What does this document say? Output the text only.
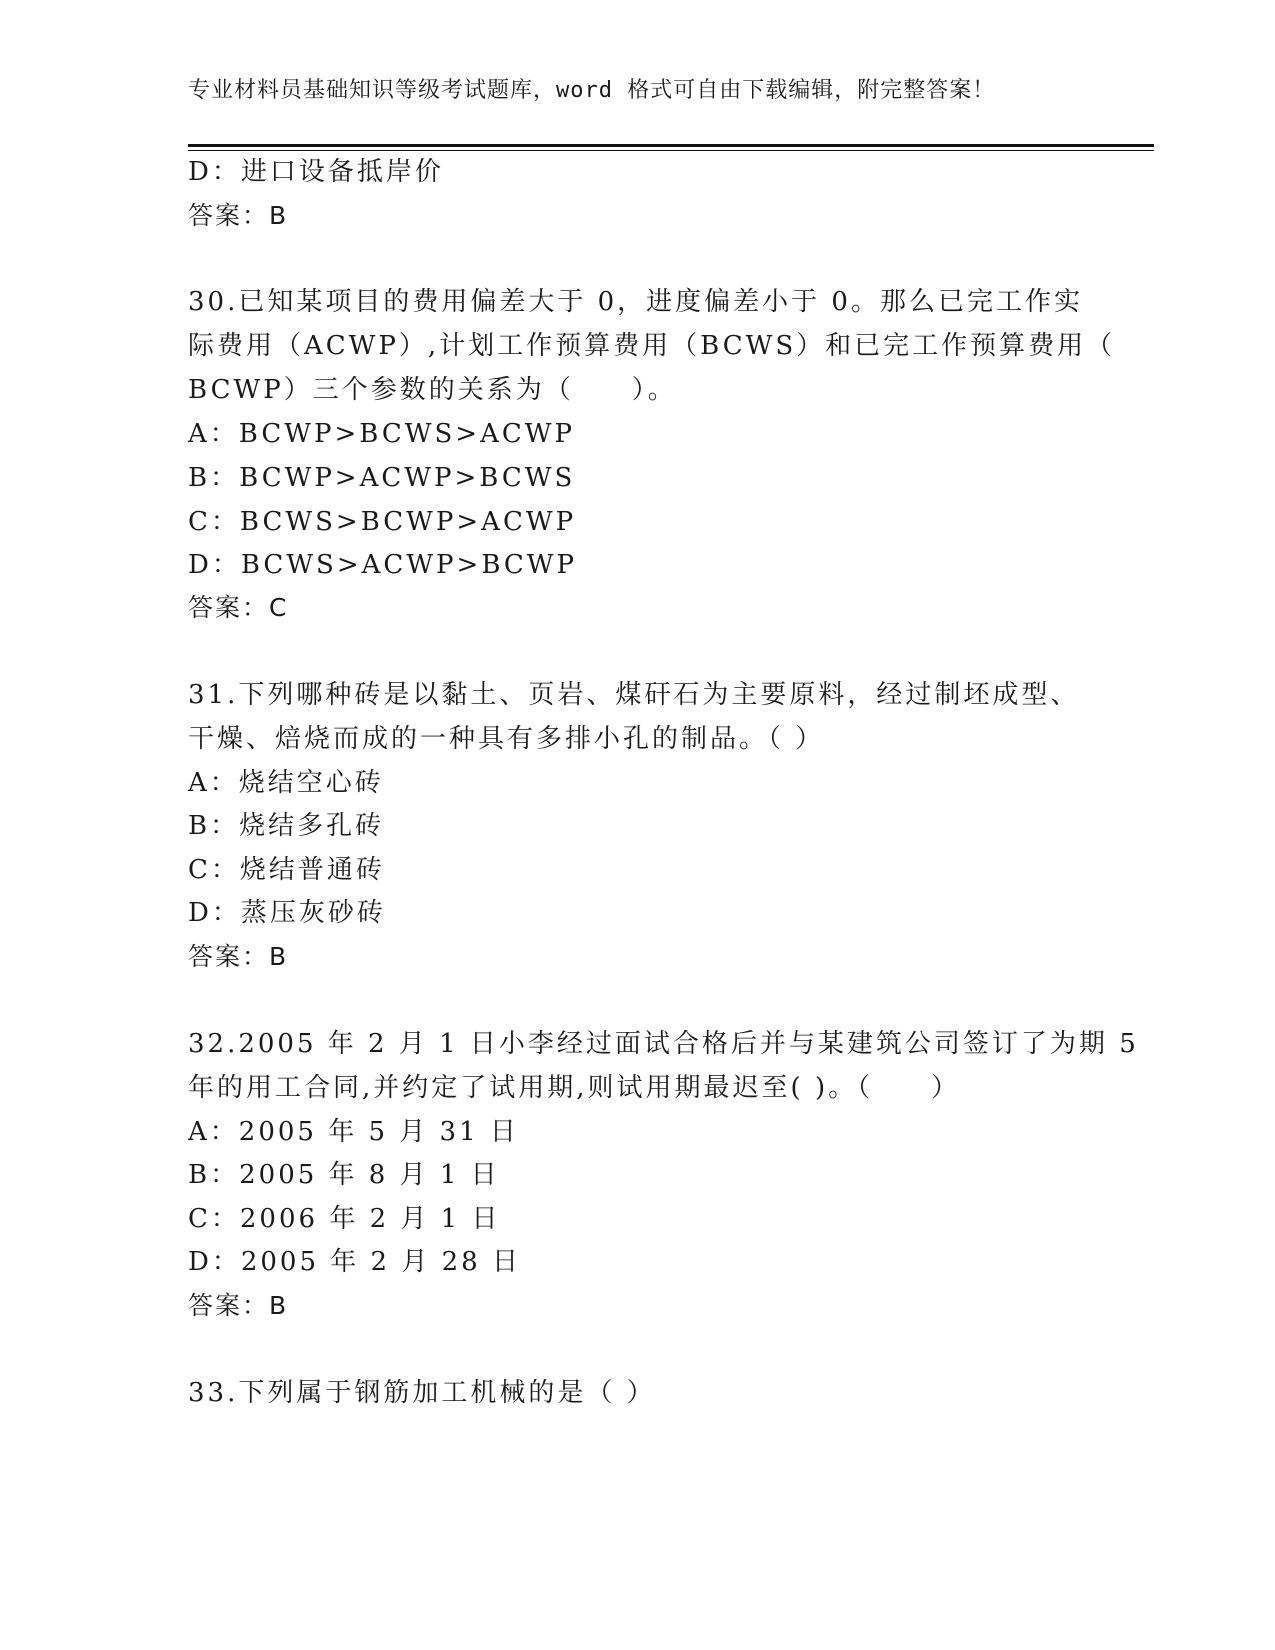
专业材料员基础知识等级考试题库，word 格式可自由下载编辑，附完整答案！
D：进口设备抵岸价
答案：B
30.已知某项目的费用偏差大于 0，进度偏差小于 0。那么已完工作实
际费用（ACWP）,计划工作预算费用（BCWS）和已完工作预算费用（
BCWP）三个参数的关系为（　　）。
A：BCWP>BCWS>ACWP
B：BCWP>ACWP>BCWS
C：BCWS>BCWP>ACWP
D：BCWS>ACWP>BCWP
答案：C
31.下列哪种砖是以黏土、页岩、煤矸石为主要原料，经过制坯成型、
干燥、焙烧而成的一种具有多排小孔的制品。（ ）
A：烧结空心砖
B：烧结多孔砖
C：烧结普通砖
D：蒸压灰砂砖
答案：B
32.2005 年 2 月 1 日小李经过面试合格后并与某建筑公司签订了为期 5
年的用工合同,并约定了试用期,则试用期最迟至( )。（　　）
A：2005 年 5 月 31 日
B：2005 年 8 月 1 日
C：2006 年 2 月 1 日
D：2005 年 2 月 28 日
答案：B
33.下列属于钢筋加工机械的是（ ）
